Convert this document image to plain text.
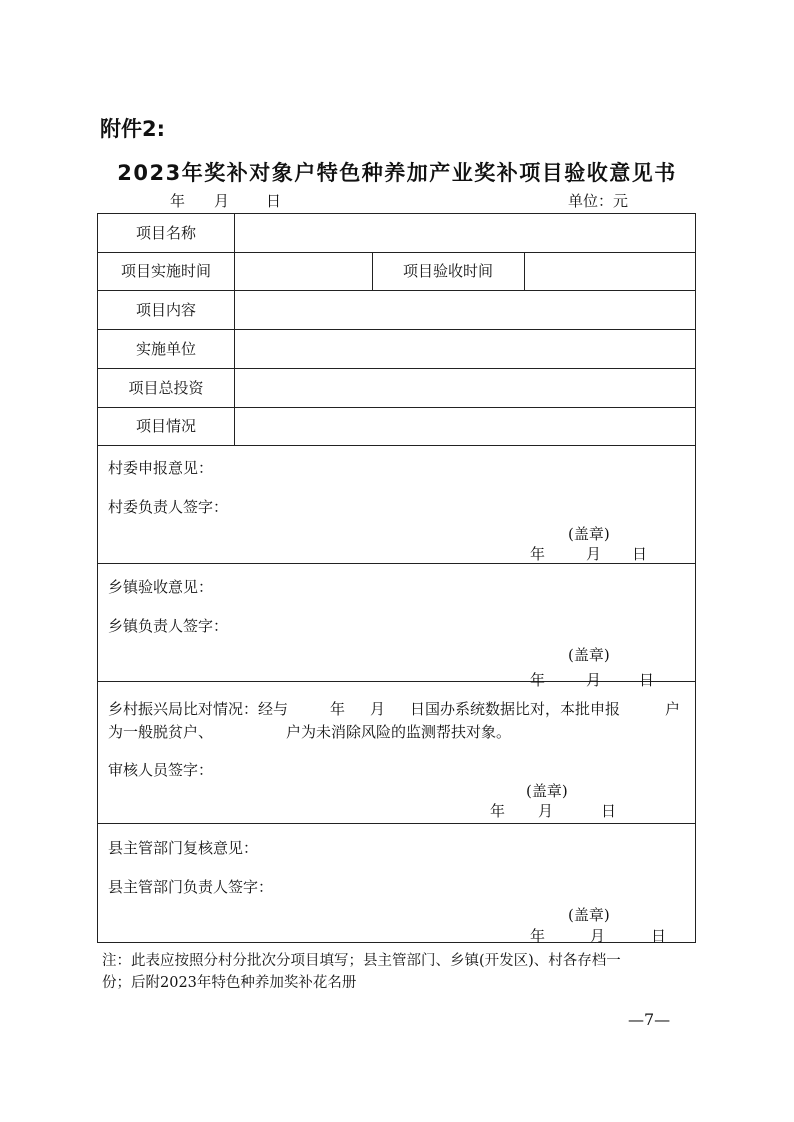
附件2:
2023年奖补对象户特色种养加产业奖补项目验收意见书
年 月 日	单位：元
项目名称
项目实施时间	项目验收时间
项目内容
实施单位
项目总投资
项目情况
村委申报意见：
村委负责人签字：
(盖章)
年	月 日
乡镇验收意见：
乡镇负责人签字：
(盖章)
年	月	日
乡村振兴局比对情况：经与	年 月 日国办系统数据比对，本批申报	户
为一般脱贫户、	户为未消除风险的监测帮扶对象。
审核人员签字：
(盖章)
年 月	日
县主管部门复核意见：
县主管部门负责人签字：
(盖章)
年	月	日
注：此表应按照分村分批次分项目填写；县主管部门、乡镇(开发区)、村各存档一
份；后附2023年特色种养加奖补花名册
—7—
